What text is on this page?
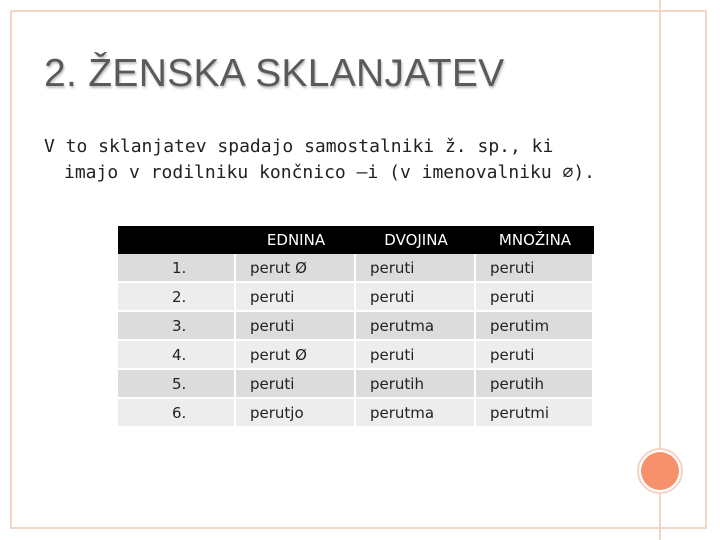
2. ŽENSKA SKLANJATEV
V to sklanjatev spadajo samostalniki ž. sp., ki
imajo v rodilniku končnico –i (v imenovalniku ∅).
	EDNINA	DVOJINA	MNOŽINA
1.	perut Ø	peruti	peruti
2.	peruti	peruti	peruti
3.	peruti	perutma	perutim
4.	perut Ø	peruti	peruti
5.	peruti	perutih	perutih
6.	perutjo	perutma	perutmi
